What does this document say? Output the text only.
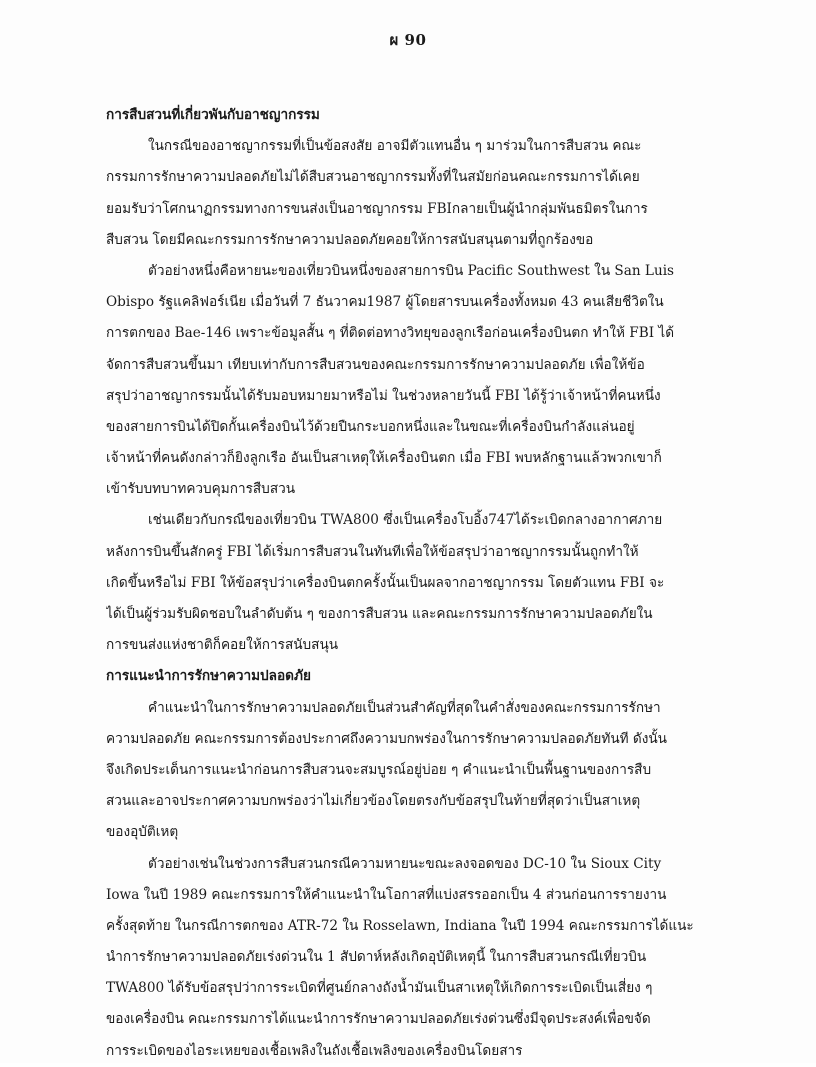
ผ 90
การสืบสวนที่เกี่ยวพันกับอาชญากรรม
ในกรณีของอาชญากรรมที่เป็นข้อสงสัย อาจมีตัวแทนอื่น ๆ มาร่วมในการสืบสวน คณะ
กรรมการรักษาความปลอดภัยไม่ได้สืบสวนอาชญากรรมทั้งที่ในสมัยก่อนคณะกรรมการได้เคย
ยอมรับว่าโศกนาฏกรรมทางการขนส่งเป็นอาชญากรรม FBIกลายเป็นผู้นำกลุ่มพันธมิตรในการ
สืบสวน โดยมีคณะกรรมการรักษาความปลอดภัยคอยให้การสนับสนุนตามที่ถูกร้องขอ
ตัวอย่างหนึ่งคือหายนะของเที่ยวบินหนึ่งของสายการบิน Pacific Southwest ใน San Luis
Obispo รัฐแคลิฟอร์เนีย เมื่อวันที่ 7 ธันวาคม1987 ผู้โดยสารบนเครื่องทั้งหมด 43 คนเสียชีวิตใน
การตกของ Bae-146 เพราะข้อมูลสั้น ๆ ที่ติดต่อทางวิทยุของลูกเรือก่อนเครื่องบินตก ทำให้ FBI ได้
จัดการสืบสวนขึ้นมา เทียบเท่ากับการสืบสวนของคณะกรรมการรักษาความปลอดภัย เพื่อให้ข้อ
สรุปว่าอาชญากรรมนั้นได้รับมอบหมายมาหรือไม่ ในช่วงหลายวันนี้ FBI ได้รู้ว่าเจ้าหน้าที่คนหนึ่ง
ของสายการบินได้ปิดกั้นเครื่องบินไว้ด้วยปืนกระบอกหนึ่งและในขณะที่เครื่องบินกำลังแล่นอยู่
เจ้าหน้าที่คนดังกล่าวก็ยิงลูกเรือ อันเป็นสาเหตุให้เครื่องบินตก เมื่อ FBI พบหลักฐานแล้วพวกเขาก็
เข้ารับบทบาทควบคุมการสืบสวน
เช่นเดียวกับกรณีของเที่ยวบิน TWA800 ซึ่งเป็นเครื่องโบอิ้ง747ได้ระเบิดกลางอากาศภาย
หลังการบินขึ้นสักครู่ FBI ได้เริ่มการสืบสวนในทันทีเพื่อให้ข้อสรุปว่าอาชญากรรมนั้นถูกทำให้
เกิดขึ้นหรือไม่ FBI ให้ข้อสรุปว่าเครื่องบินตกครั้งนั้นเป็นผลจากอาชญากรรม โดยตัวแทน FBI จะ
ได้เป็นผู้ร่วมรับผิดชอบในลำดับต้น ๆ ของการสืบสวน และคณะกรรมการรักษาความปลอดภัยใน
การขนส่งแห่งชาติก็คอยให้การสนับสนุน
การแนะนำการรักษาความปลอดภัย
คำแนะนำในการรักษาความปลอดภัยเป็นส่วนสำคัญที่สุดในคำสั่งของคณะกรรมการรักษา
ความปลอดภัย คณะกรรมการต้องประกาศถึงความบกพร่องในการรักษาความปลอดภัยทันที ดังนั้น
จึงเกิดประเด็นการแนะนำก่อนการสืบสวนจะสมบูรณ์อยู่บ่อย ๆ คำแนะนำเป็นพื้นฐานของการสืบ
สวนและอาจประกาศความบกพร่องว่าไม่เกี่ยวข้องโดยตรงกับข้อสรุปในท้ายที่สุดว่าเป็นสาเหตุ
ของอุบัติเหตุ
ตัวอย่างเช่นในช่วงการสืบสวนกรณีความหายนะขณะลงจอดของ DC-10 ใน Sioux City
Iowa ในปี 1989 คณะกรรมการให้คำแนะนำในโอกาสที่แบ่งสรรออกเป็น 4 ส่วนก่อนการรายงาน
ครั้งสุดท้าย ในกรณีการตกของ ATR-72 ใน Rosselawn, Indiana ในปี 1994 คณะกรรมการได้แนะ
นำการรักษาความปลอดภัยเร่งด่วนใน 1 สัปดาห์หลังเกิดอุบัติเหตุนี้ ในการสืบสวนกรณีเที่ยวบิน
TWA800 ได้รับข้อสรุปว่าการระเบิดที่ศูนย์กลางถังน้ำมันเป็นสาเหตุให้เกิดการระเบิดเป็นเสี่ยง ๆ
ของเครื่องบิน คณะกรรมการได้แนะนำการรักษาความปลอดภัยเร่งด่วนซึ่งมีจุดประสงค์เพื่อขจัด
การระเบิดของไอระเหยของเชื้อเพลิงในถังเชื้อเพลิงของเครื่องบินโดยสาร
